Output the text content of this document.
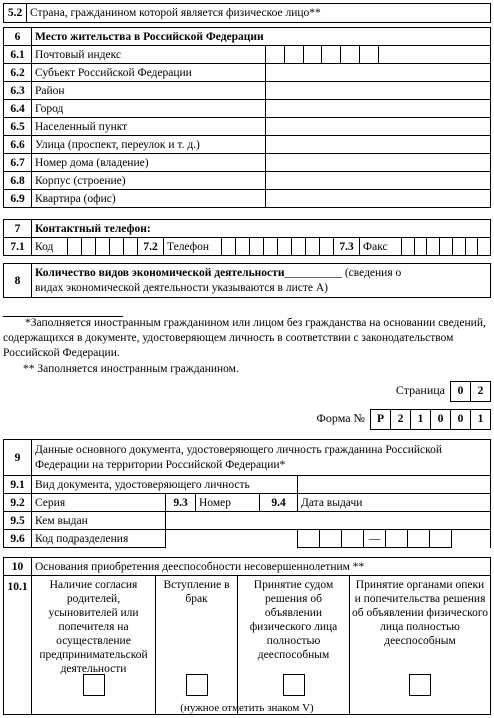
5.2	Страна, гражданином которой является физическое лицо**
6	Место жительства в Российской Федерации							
6.1	Почтовый индекс							
6.2	Субъект Российской Федерации							
6.3	Район							
6.4	Город							
6.5	Населенный пункт							
6.6	Улица (проспект, переулок и т. д.)							
6.7	Номер дома (владение)							
6.8	Корпус (строение)							
6.9	Квартира (офис)							
7	Контактный телефон:																								
7.1	Код						7.2	Телефон									7.3	Факс							
8	Количество видов экономической деятельности__________ (сведения о
видах экономической деятельности указываются в листе А)
*Заполняется иностранным гражданином или лицом без гражданства на основании сведений, содержащихся в документе, удостоверяющем личность в соответствии с законодательством Российской Федерации.
** Заполняется иностранным гражданином.
Страница 0 2
Форма № Р 2 1 0 0 1
9	Данные основного документа, удостоверяющего личность гражданина Российской Федерации на территории Российской Федерации*											
9.1	Вид документа, удостоверяющего личность											
9.2	Серия	9.3	Номер	9.4	Дата выдачи							
9.5	Кем выдан											
9.6	Код подразделения							—				
10	Основания приобретения дееспособности несовершеннолетним **			
10.1	Наличие согласия родителей, усыновителей или попечителя на осуществление предпринимательской деятельности	Вступление в брак	Принятие судом решения об объявлении физического лица полностью дееспособным	Принятие органами опеки и попечительства решения об объявлении физического лица полностью дееспособным
(нужное отметить знаком V)
